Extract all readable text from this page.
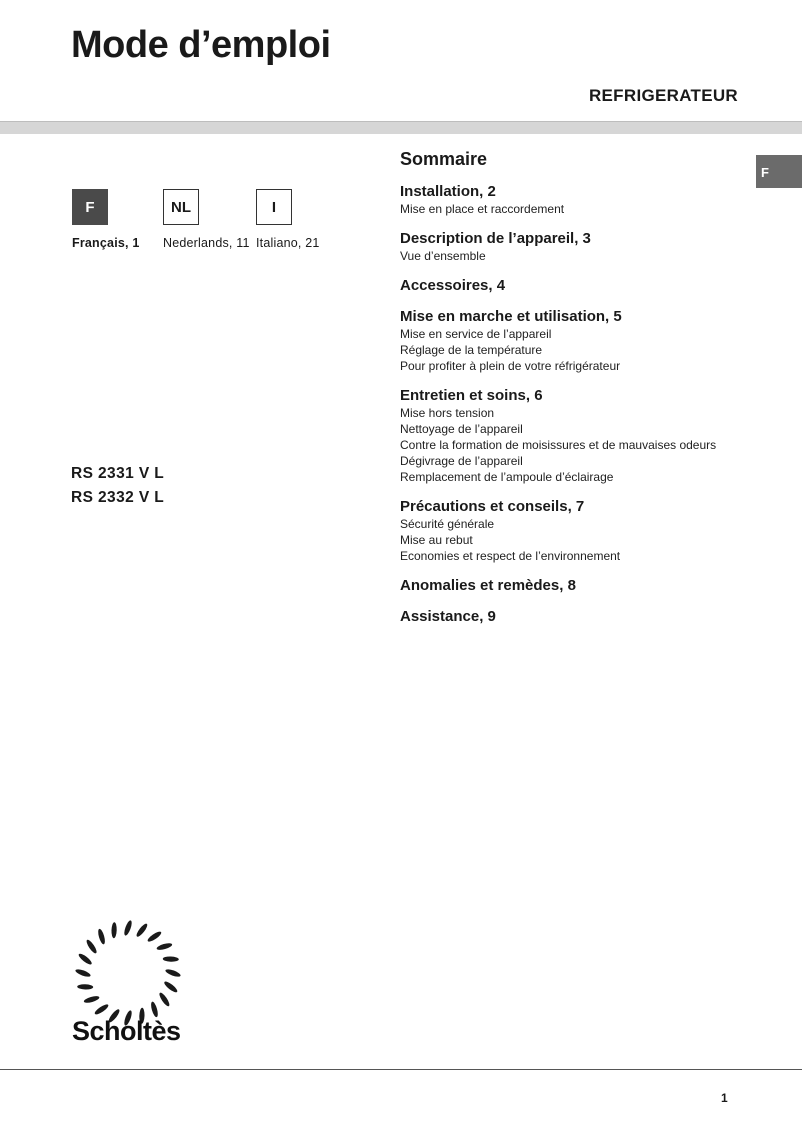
Mode d’emploi
REFRIGERATEUR
F
F
Français, 1
NL
Nederlands, 11
I
Italiano, 21
RS 2331 V L
RS 2332 V L
Sommaire
Installation, 2
Mise en place et raccordement
Description de l’appareil, 3
Vue d’ensemble
Accessoires, 4
Mise en marche et utilisation, 5
Mise en service de l’appareil
Réglage de la température
Pour profiter à plein de votre réfrigérateur
Entretien et soins, 6
Mise hors tension
Nettoyage de l’appareil
Contre la formation de moisissures et de mauvaises odeurs
Dégivrage de l’appareil
Remplacement de l’ampoule d’éclairage
Précautions et conseils, 7
Sécurité générale
Mise au rebut
Economies et respect de l’environnement
Anomalies et remèdes, 8
Assistance, 9
Scholtès
1
